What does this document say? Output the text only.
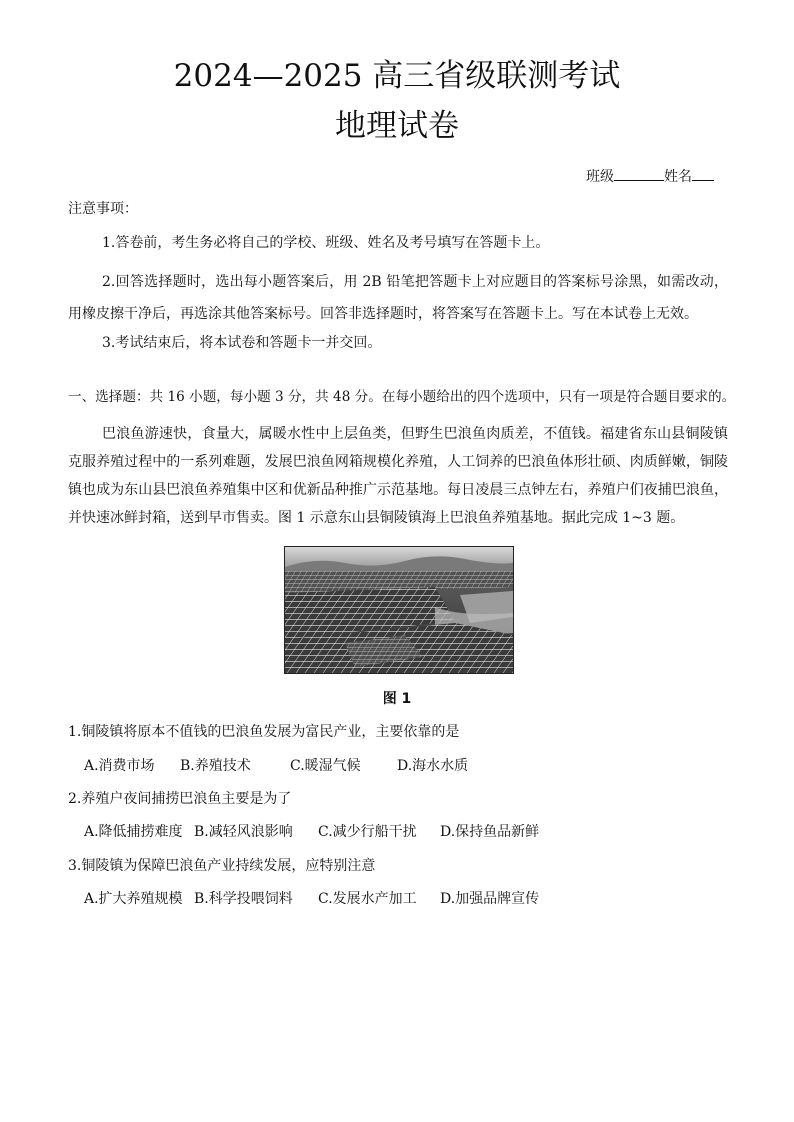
2024—2025 高三省级联测考试
地理试卷
班级	姓名
注意事项：
1.答卷前，考生务必将自己的学校、班级、姓名及考号填写在答题卡上。
2.回答选择题时，选出每小题答案后，用 2B 铅笔把答题卡上对应题目的答案标号涂黑，如需改动，用橡皮擦干净后，再选涂其他答案标号。回答非选择题时，将答案写在答题卡上。写在本试卷上无效。
3.考试结束后，将本试卷和答题卡一并交回。
一、选择题：共 16 小题，每小题 3 分，共 48 分。在每小题给出的四个选项中，只有一项是符合题目要求的。
巴浪鱼游速快，食量大，属暖水性中上层鱼类，但野生巴浪鱼肉质差，不值钱。福建省东山县铜陵镇克服养殖过程中的一系列难题，发展巴浪鱼网箱规模化养殖，人工饲养的巴浪鱼体形壮硕、肉质鲜嫩，铜陵镇也成为东山县巴浪鱼养殖集中区和优新品种推广示范基地。每日凌晨三点钟左右，养殖户们夜捕巴浪鱼，并快速冰鲜封箱，送到早市售卖。图 1 示意东山县铜陵镇海上巴浪鱼养殖基地。据此完成 1~3 题。
图 1
1.铜陵镇将原本不值钱的巴浪鱼发展为富民产业，主要依靠的是
A.消费市场 B.养殖技术	C.暖湿气候	D.海水水质
2.养殖户夜间捕捞巴浪鱼主要是为了
A.降低捕捞难度 B.减轻风浪影响 C.减少行船干扰 D.保持鱼品新鲜
3.铜陵镇为保障巴浪鱼产业持续发展，应特别注意
A.扩大养殖规模 B.科学投喂饲料 C.发展水产加工 D.加强品牌宣传
